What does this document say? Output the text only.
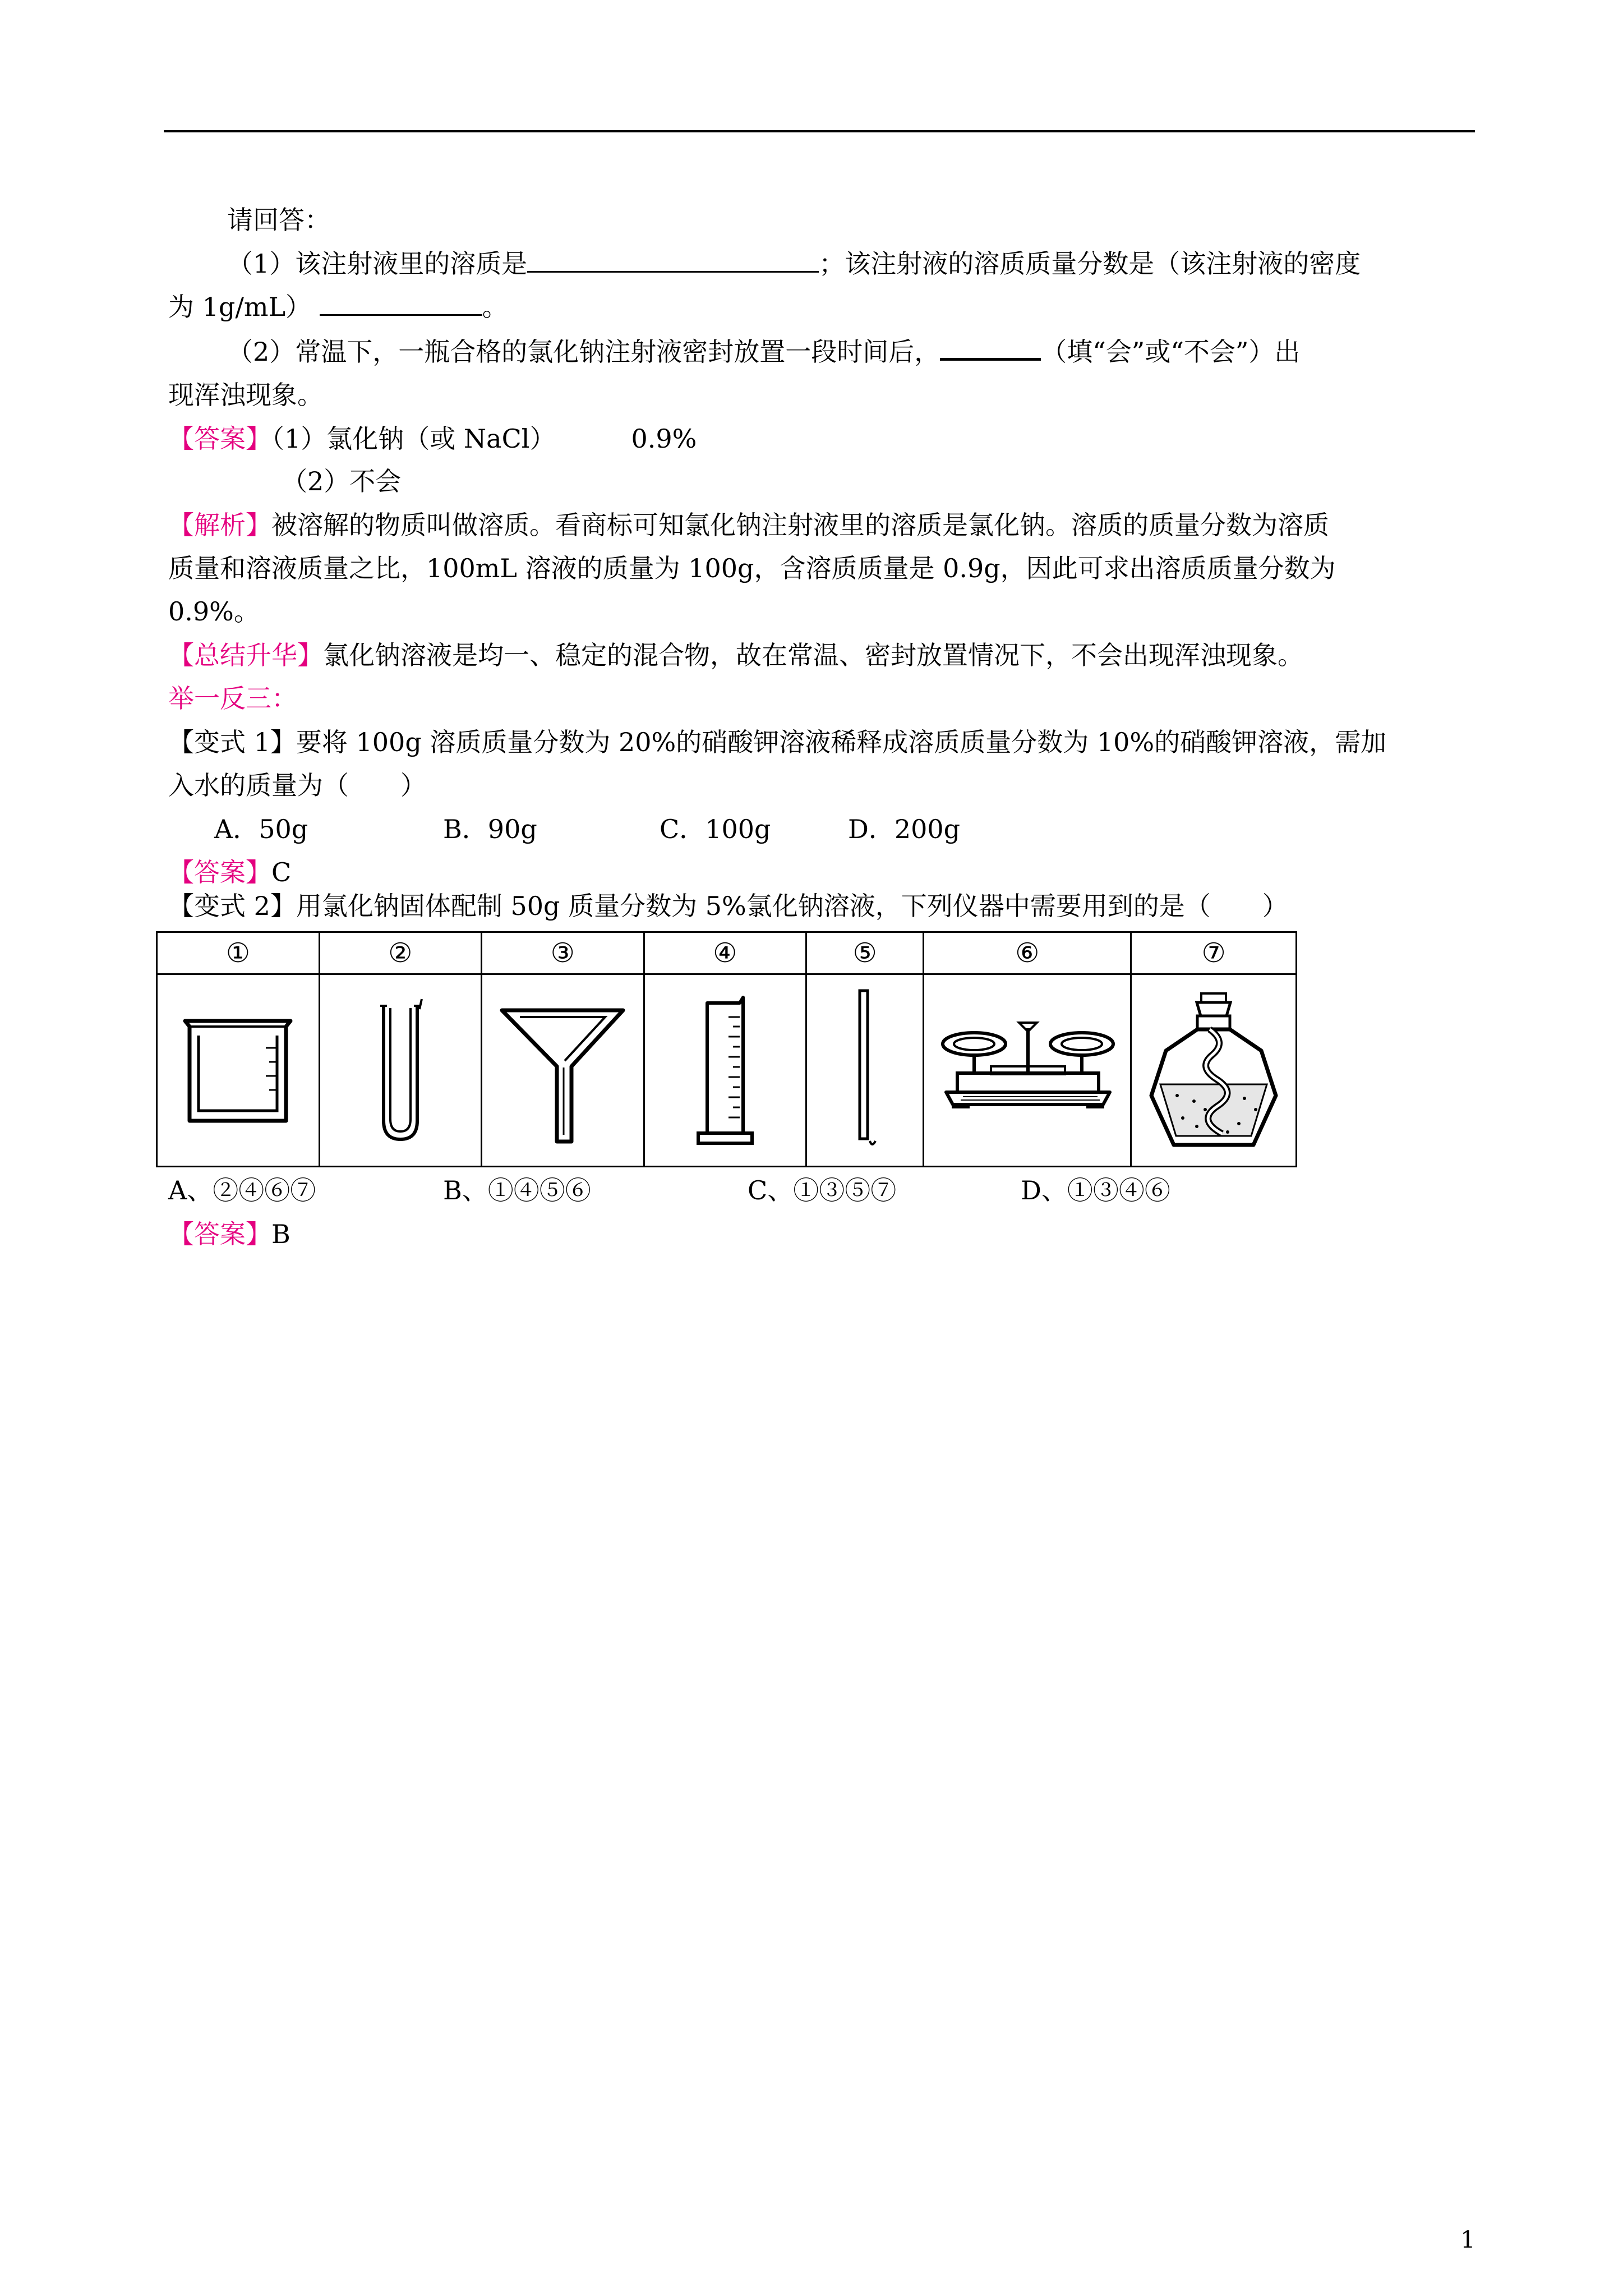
请回答：
（1）该注射液里的溶质是	；该注射液的溶质质量分数是（该注射液的密度
为 1g/mL）	。
（2）常温下，一瓶合格的氯化钠注射液密封放置一段时间后，	（填“会”或“不会”）出
现浑浊现象。
【答案】（1）氯化钠（或 NaCl）	0.9%
（2）不会
【解析】被溶解的物质叫做溶质。看商标可知氯化钠注射液里的溶质是氯化钠。溶质的质量分数为溶质
质量和溶液质量之比，100mL 溶液的质量为 100g，含溶质质量是 0.9g，因此可求出溶质质量分数为
0.9%。
【总结升华】氯化钠溶液是均一、稳定的混合物，故在常温、密封放置情况下，不会出现浑浊现象。
举一反三：
【变式 1】要将 100g 溶质质量分数为 20%的硝酸钾溶液稀释成溶质质量分数为 10%的硝酸钾溶液，需加
入水的质量为（　　）
A．50g	B．90g	C．100g	D．200g
【答案】C
【变式 2】用氯化钠固体配制 50g 质量分数为 5%氯化钠溶液，下列仪器中需要用到的是（　　）
①	②	③	④	⑤	⑥	⑦

A、②④⑥⑦	B、①④⑤⑥	C、①③⑤⑦	D、①③④⑥
【答案】B
1
